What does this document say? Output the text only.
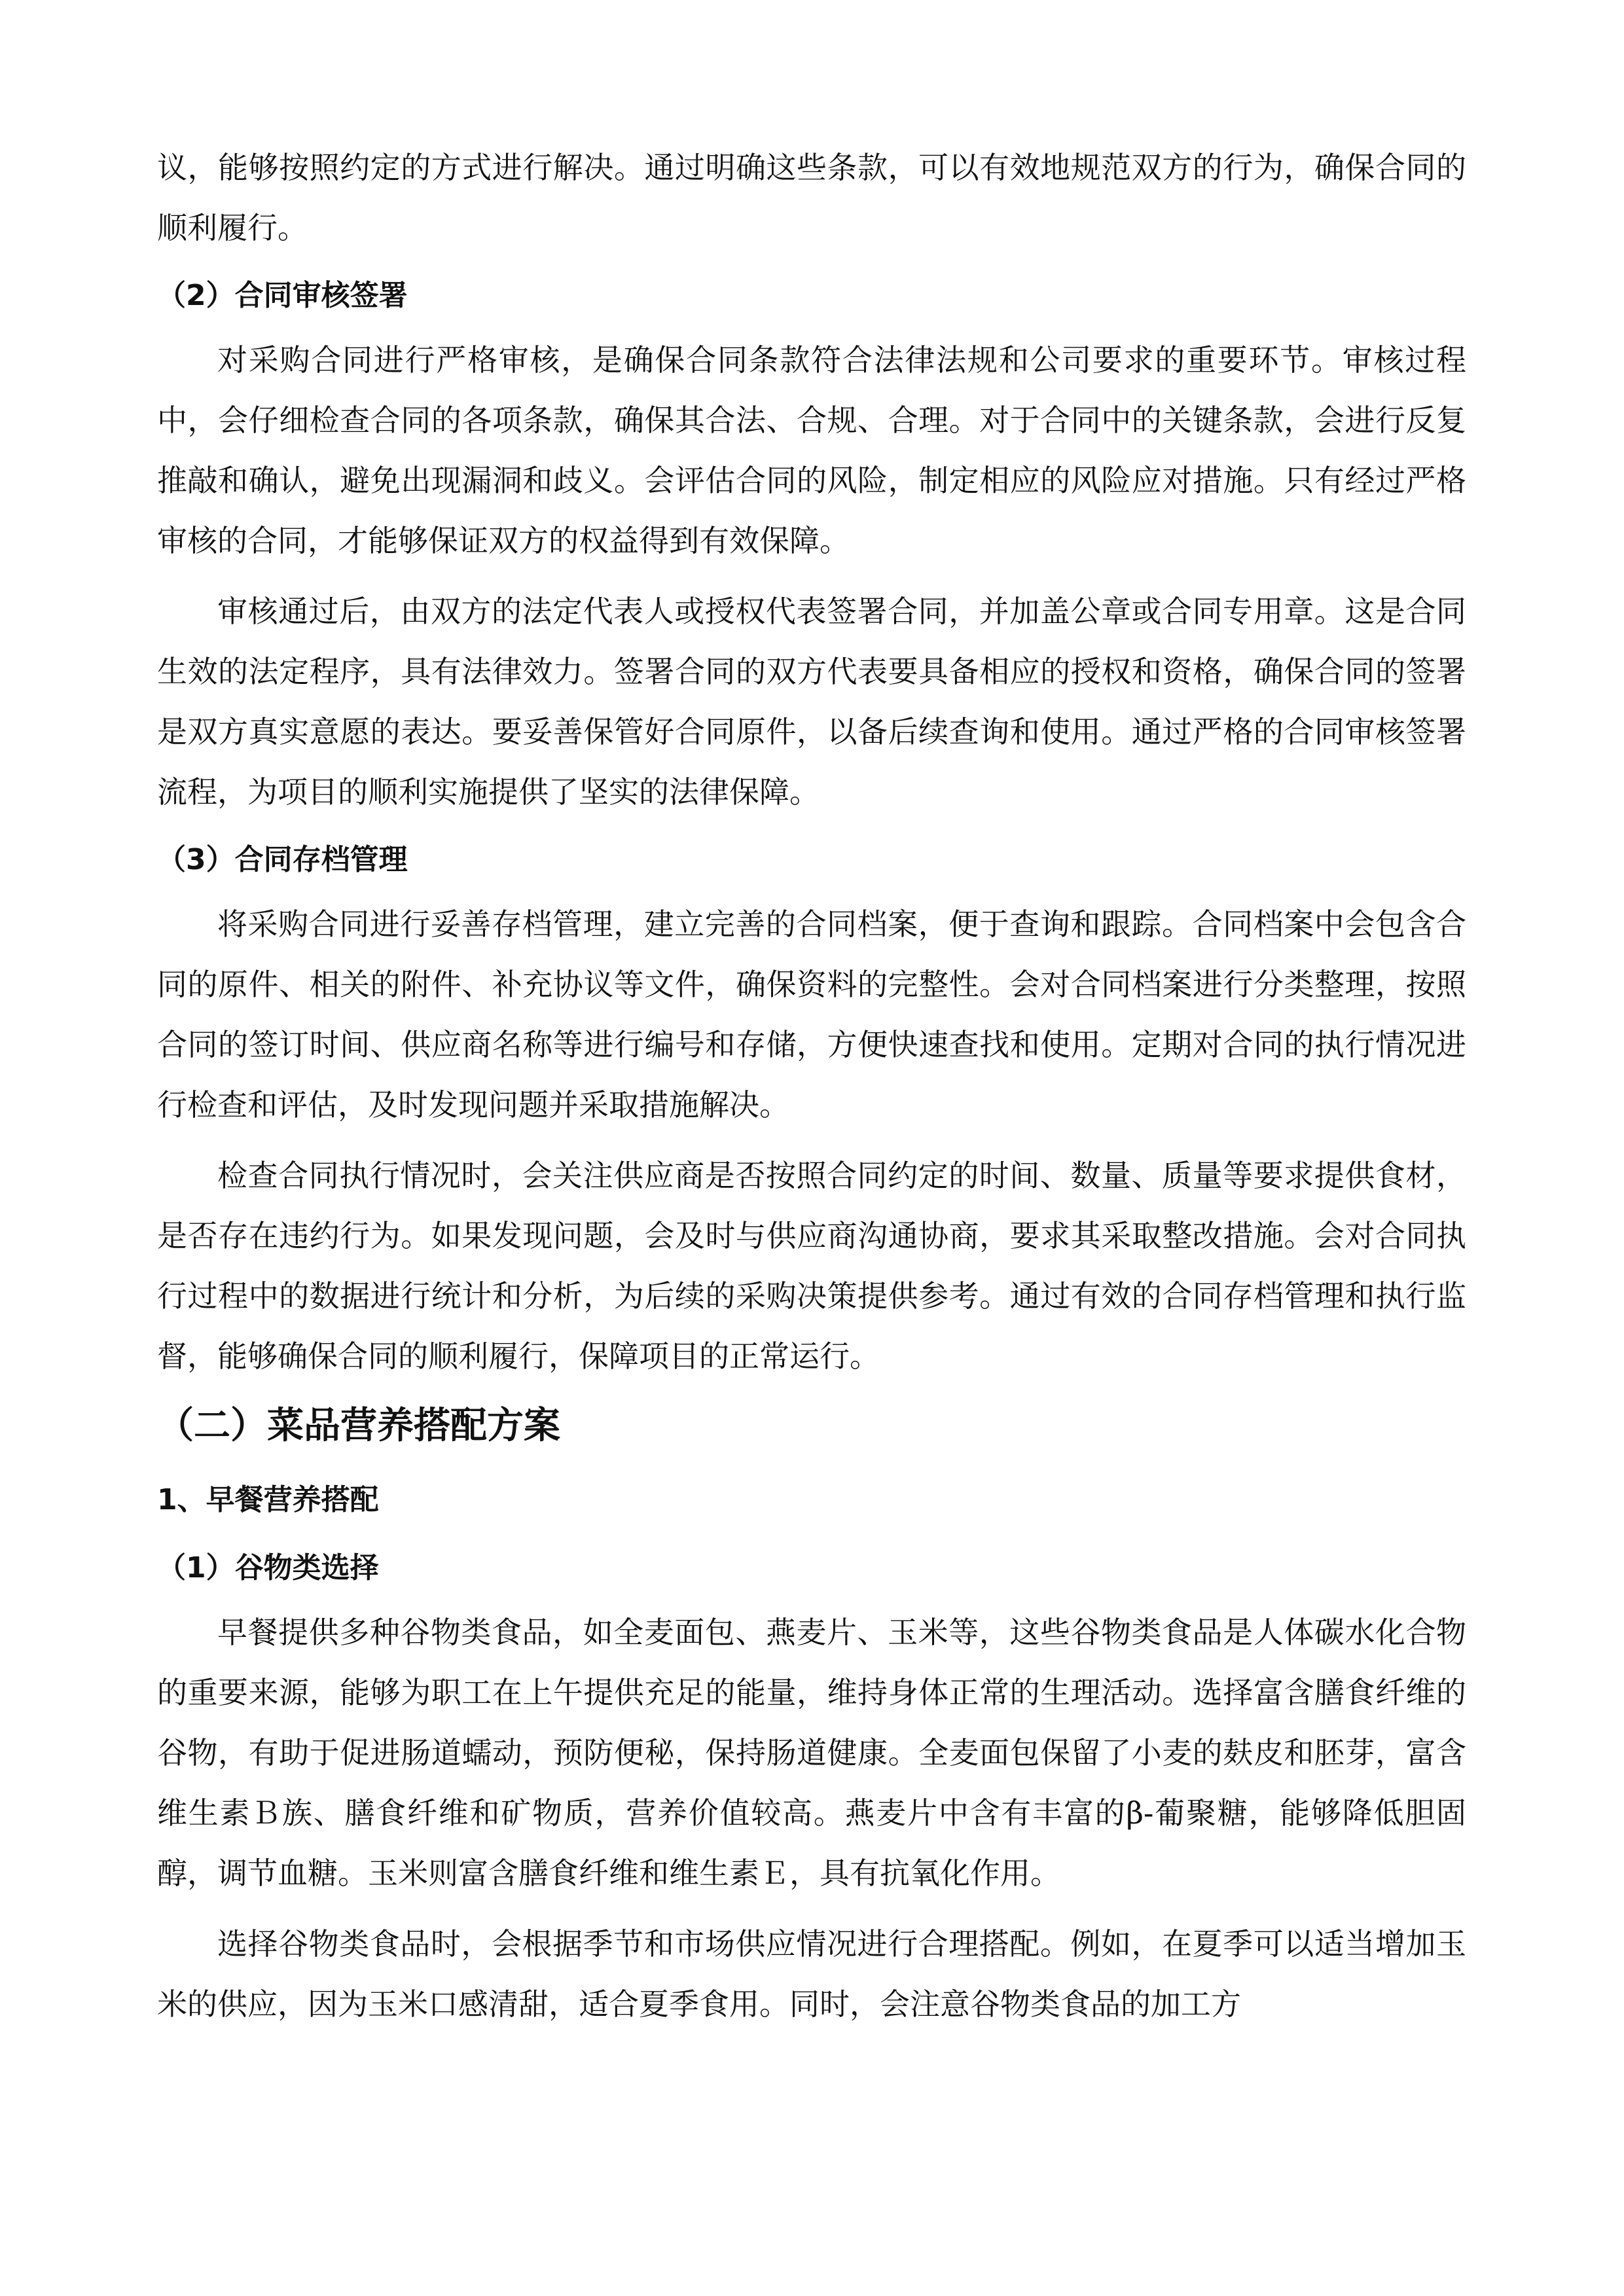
议，能够按照约定的方式进行解决。通过明确这些条款，可以有效地规范双方的行为，确保合同的顺利履行。

（2）合同审核签署

对采购合同进行严格审核，是确保合同条款符合法律法规和公司要求的重要环节。审核过程中，会仔细检查合同的各项条款，确保其合法、合规、合理。对于合同中的关键条款，会进行反复推敲和确认，避免出现漏洞和歧义。会评估合同的风险，制定相应的风险应对措施。只有经过严格审核的合同，才能够保证双方的权益得到有效保障。

审核通过后，由双方的法定代表人或授权代表签署合同，并加盖公章或合同专用章。这是合同生效的法定程序，具有法律效力。签署合同的双方代表要具备相应的授权和资格，确保合同的签署是双方真实意愿的表达。要妥善保管好合同原件，以备后续查询和使用。通过严格的合同审核签署流程，为项目的顺利实施提供了坚实的法律保障。

（3）合同存档管理

将采购合同进行妥善存档管理，建立完善的合同档案，便于查询和跟踪。合同档案中会包含合同的原件、相关的附件、补充协议等文件，确保资料的完整性。会对合同档案进行分类整理，按照合同的签订时间、供应商名称等进行编号和存储，方便快速查找和使用。定期对合同的执行情况进行检查和评估，及时发现问题并采取措施解决。

检查合同执行情况时，会关注供应商是否按照合同约定的时间、数量、质量等要求提供食材，是否存在违约行为。如果发现问题，会及时与供应商沟通协商，要求其采取整改措施。会对合同执行过程中的数据进行统计和分析，为后续的采购决策提供参考。通过有效的合同存档管理和执行监督，能够确保合同的顺利履行，保障项目的正常运行。

（二）菜品营养搭配方案
1、早餐营养搭配
（1）谷物类选择

早餐提供多种谷物类食品，如全麦面包、燕麦片、玉米等，这些谷物类食品是人体碳水化合物的重要来源，能够为职工在上午提供充足的能量，维持身体正常的生理活动。选择富含膳食纤维的谷物，有助于促进肠道蠕动，预防便秘，保持肠道健康。全麦面包保留了小麦的麸皮和胚芽，富含维生素Ｂ族、膳食纤维和矿物质，营养价值较高。燕麦片中含有丰富的β-葡聚糖，能够降低胆固醇，调节血糖。玉米则富含膳食纤维和维生素Ｅ，具有抗氧化作用。

选择谷物类食品时，会根据季节和市场供应情况进行合理搭配。例如，在夏季可以适当增加玉米的供应，因为玉米口感清甜，适合夏季食用。同时，会注意谷物类食品的加工方
